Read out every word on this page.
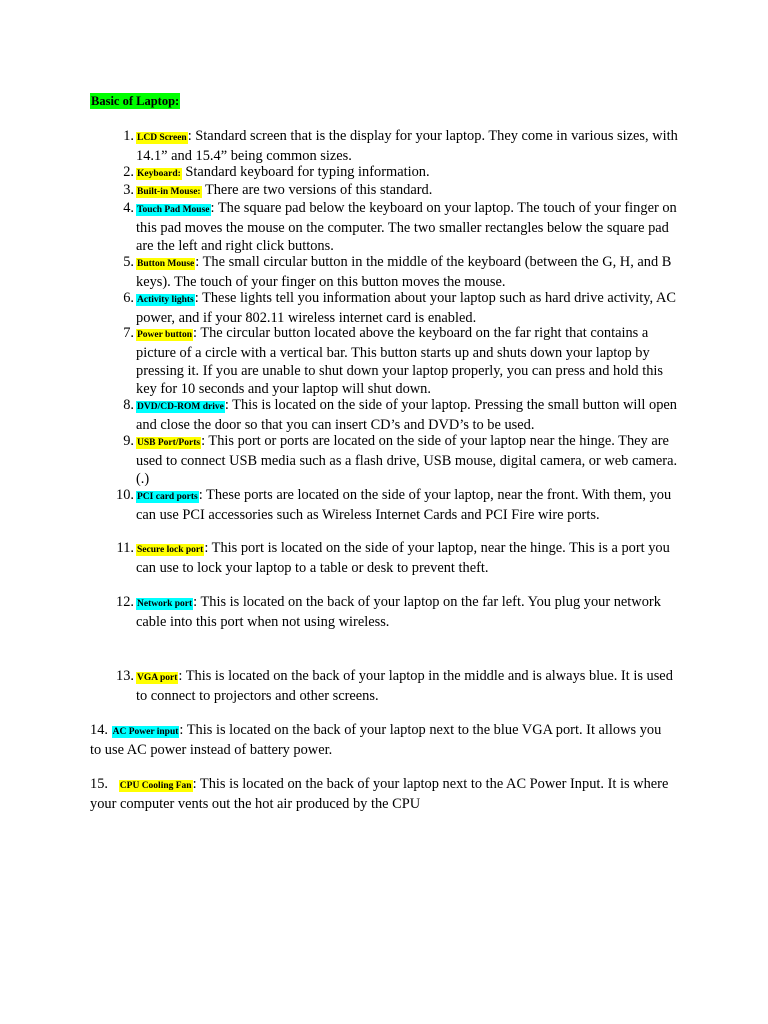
Basic of Laptop:
1. LCD Screen: Standard screen that is the display for your laptop. They come in various sizes, with 14.1” and 15.4” being common sizes.
2. Keyboard: Standard keyboard for typing information.
3. Built-in Mouse: There are two versions of this standard.
4. Touch Pad Mouse: The square pad below the keyboard on your laptop. The touch of your finger on this pad moves the mouse on the computer. The two smaller rectangles below the square pad are the left and right click buttons.
5. Button Mouse: The small circular button in the middle of the keyboard (between the G, H, and B keys). The touch of your finger on this button moves the mouse.
6. Activity lights: These lights tell you information about your laptop such as hard drive activity, AC power, and if your 802.11 wireless internet card is enabled.
7. Power button: The circular button located above the keyboard on the far right that contains a picture of a circle with a vertical bar. This button starts up and shuts down your laptop by pressing it. If you are unable to shut down your laptop properly, you can press and hold this key for 10 seconds and your laptop will shut down.
8. DVD/CD-ROM drive: This is located on the side of your laptop. Pressing the small button will open and close the door so that you can insert CD’s and DVD’s to be used.
9. USB Port/Ports: This port or ports are located on the side of your laptop near the hinge. They are used to connect USB media such as a flash drive, USB mouse, digital camera, or web camera. (.)
10. PCI card ports: These ports are located on the side of your laptop, near the front. With them, you can use PCI accessories such as Wireless Internet Cards and PCI Fire wire ports.
11. Secure lock port: This port is located on the side of your laptop, near the hinge. This is a port you can use to lock your laptop to a table or desk to prevent theft.
12. Network port: This is located on the back of your laptop on the far left. You plug your network cable into this port when not using wireless.
13. VGA port: This is located on the back of your laptop in the middle and is always blue. It is used to connect to projectors and other screens.
14. AC Power input: This is located on the back of your laptop next to the blue VGA port. It allows you to use AC power instead of battery power.
15. CPU Cooling Fan: This is located on the back of your laptop next to the AC Power Input. It is where your computer vents out the hot air produced by the CPU
